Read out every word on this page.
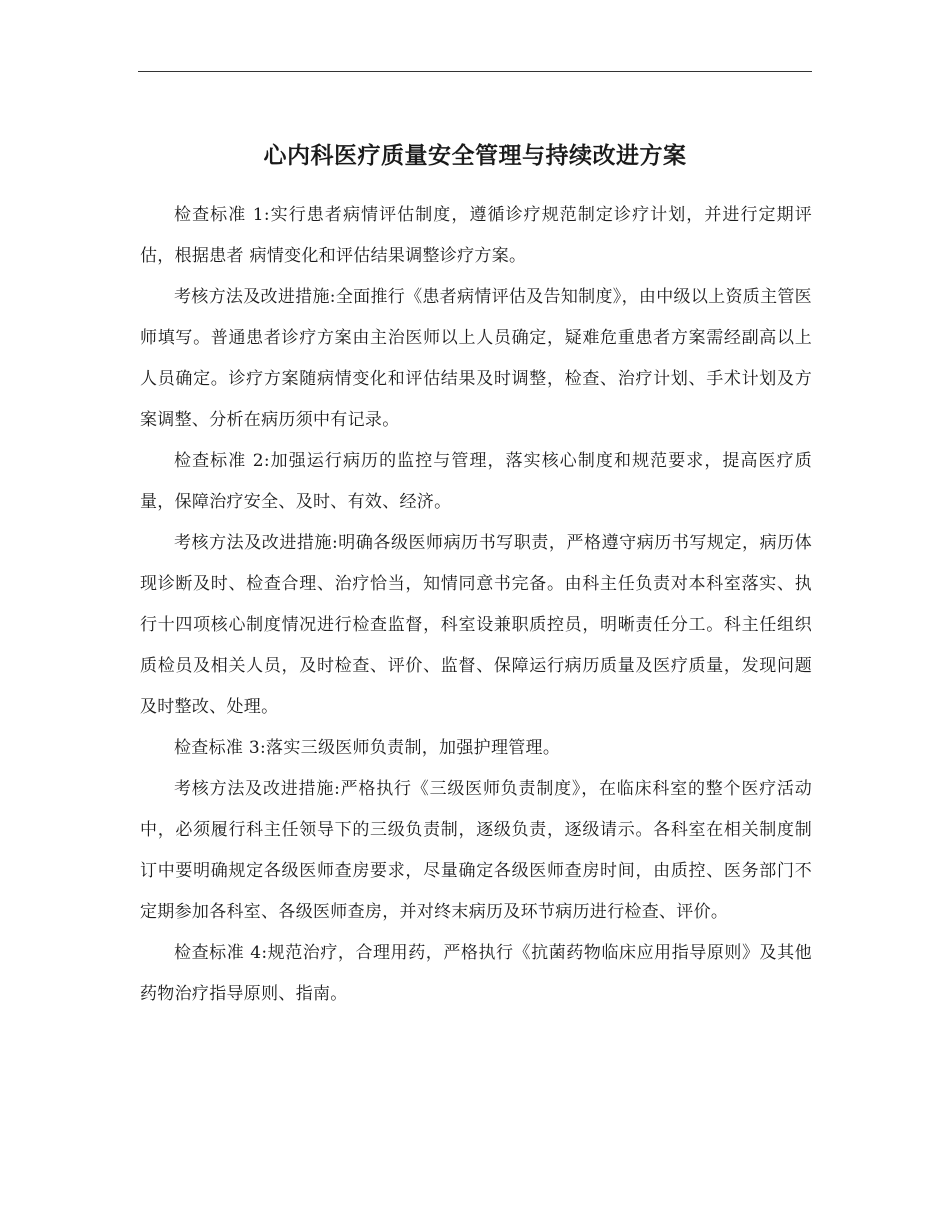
心内科医疗质量安全管理与持续改进方案

检查标准 1:实行患者病情评估制度，遵循诊疗规范制定诊疗计划，并进行定期评估，根据患者 病情变化和评估结果调整诊疗方案。

考核方法及改进措施:全面推行《患者病情评估及告知制度》，由中级以上资质主管医师填写。普通患者诊疗方案由主治医师以上人员确定，疑难危重患者方案需经副高以上人员确定。诊疗方案随病情变化和评估结果及时调整，检查、治疗计划、手术计划及方案调整、分析在病历须中有记录。

检查标准 2:加强运行病历的监控与管理，落实核心制度和规范要求，提高医疗质量，保障治疗安全、及时、有效、经济。

考核方法及改进措施:明确各级医师病历书写职责，严格遵守病历书写规定，病历体现诊断及时、检查合理、治疗恰当，知情同意书完备。由科主任负责对本科室落实、执行十四项核心制度情况进行检查监督，科室设兼职质控员，明晰责任分工。科主任组织质检员及相关人员，及时检查、评价、监督、保障运行病历质量及医疗质量，发现问题及时整改、处理。

检查标准 3:落实三级医师负责制，加强护理管理。

考核方法及改进措施:严格执行《三级医师负责制度》，在临床科室的整个医疗活动中，必须履行科主任领导下的三级负责制，逐级负责，逐级请示。各科室在相关制度制订中要明确规定各级医师查房要求，尽量确定各级医师查房时间，由质控、医务部门不定期参加各科室、各级医师查房，并对终末病历及环节病历进行检查、评价。

检查标准 4:规范治疗，合理用药，严格执行《抗菌药物临床应用指导原则》及其他药物治疗指导原则、指南。
